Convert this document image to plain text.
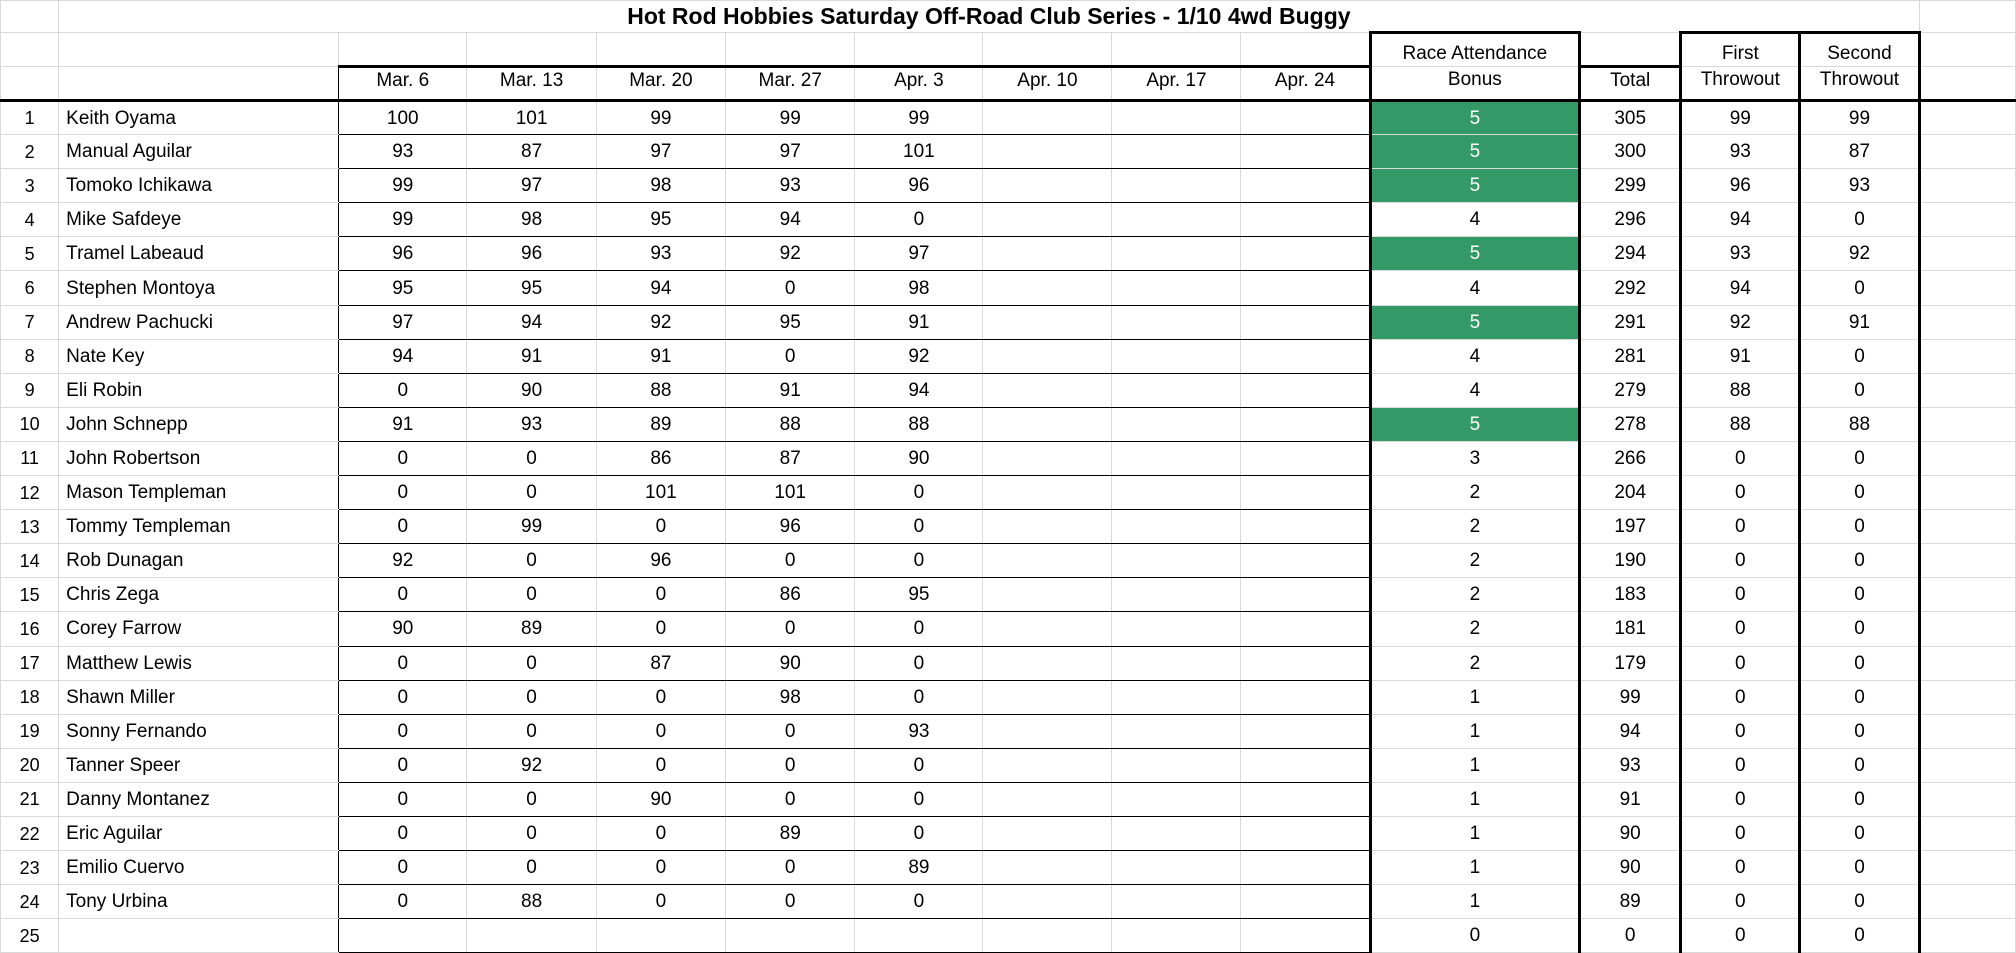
	Hot Rod Hobbies Saturday Off-Road Club Series - 1/10 4wd Buggy													
										Race Attendance		First	Second	
		Mar. 6	Mar. 13	Mar. 20	Mar. 27	Apr. 3	Apr. 10	Apr. 17	Apr. 24	Bonus	Total	Throwout	Throwout	
1	Keith Oyama	100	101	99	99	99				5	305	99	99	
2	Manual Aguilar	93	87	97	97	101				5	300	93	87	
3	Tomoko Ichikawa	99	97	98	93	96				5	299	96	93	
4	Mike Safdeye	99	98	95	94	0				4	296	94	0	
5	Tramel Labeaud	96	96	93	92	97				5	294	93	92	
6	Stephen Montoya	95	95	94	0	98				4	292	94	0	
7	Andrew Pachucki	97	94	92	95	91				5	291	92	91	
8	Nate Key	94	91	91	0	92				4	281	91	0	
9	Eli Robin	0	90	88	91	94				4	279	88	0	
10	John Schnepp	91	93	89	88	88				5	278	88	88	
11	John Robertson	0	0	86	87	90				3	266	0	0	
12	Mason Templeman	0	0	101	101	0				2	204	0	0	
13	Tommy Templeman	0	99	0	96	0				2	197	0	0	
14	Rob Dunagan	92	0	96	0	0				2	190	0	0	
15	Chris Zega	0	0	0	86	95				2	183	0	0	
16	Corey Farrow	90	89	0	0	0				2	181	0	0	
17	Matthew Lewis	0	0	87	90	0				2	179	0	0	
18	Shawn Miller	0	0	0	98	0				1	99	0	0	
19	Sonny Fernando	0	0	0	0	93				1	94	0	0	
20	Tanner Speer	0	92	0	0	0				1	93	0	0	
21	Danny Montanez	0	0	90	0	0				1	91	0	0	
22	Eric Aguilar	0	0	0	89	0				1	90	0	0	
23	Emilio Cuervo	0	0	0	0	89				1	90	0	0	
24	Tony Urbina	0	88	0	0	0				1	89	0	0	
25										0	0	0	0	
